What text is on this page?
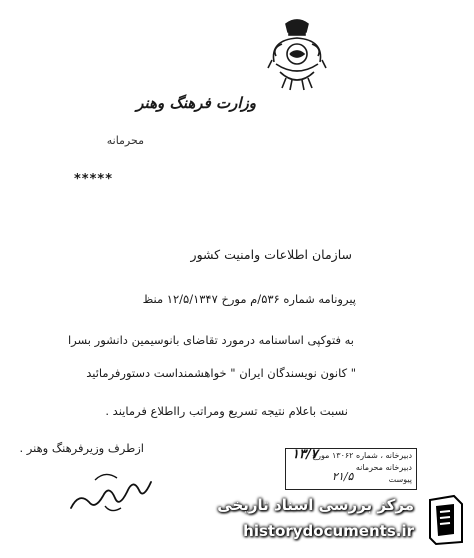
وزارت فرهنگ وهنر
محرمانه
*****
سازمان اطلاعات وامنیت کشور
پیرونامه شماره ۵۳۶/م مورخ ۱۲/۵/۱۳۴۷ منظ
به فتوکپی اساسنامه درمورد تقاضای بانوسیمین دانشور بسرا
" کانون نویسندگان ایران " خواهشمنداست دستورفرمائید
نسبت باعلام نتیجه تسریع ومراتب رااطلاع فرمایند .
ازطرف وزیرفرهنگ وهنر .
دبیرخانه ، شماره ۱۳۰۶۲ مورخ
دبیرخانه محرمانه
پیوست
۱۳/۷
۲۱/۵
مرکز بررسی اسناد تاریخی
historydocuments.ir
